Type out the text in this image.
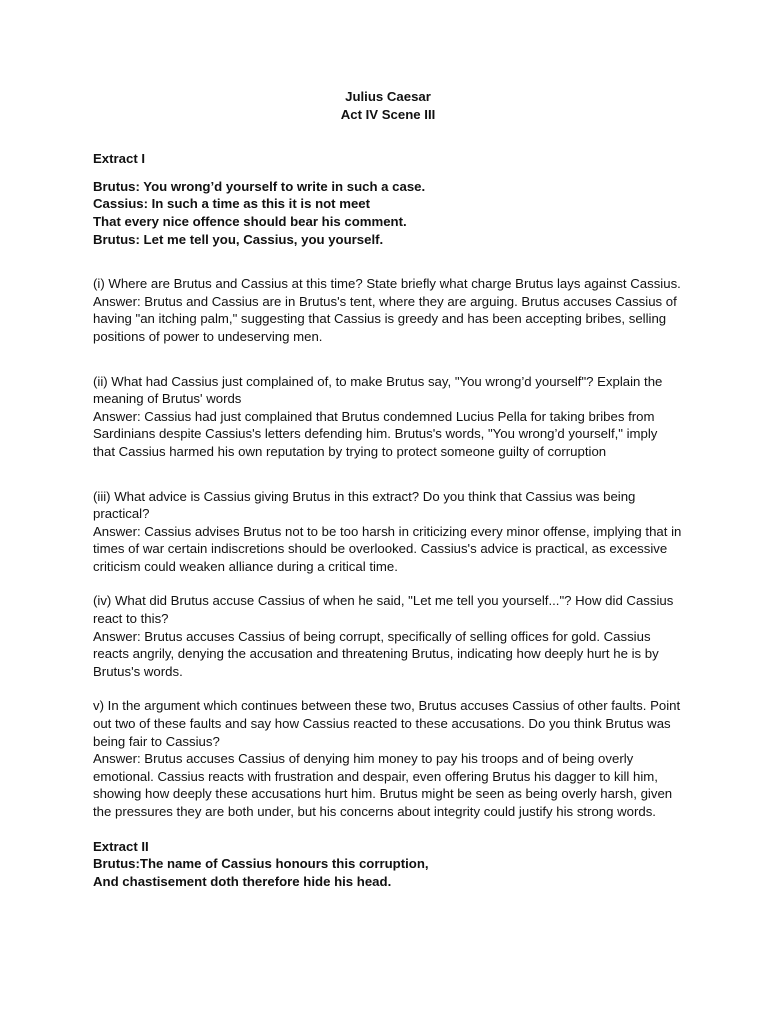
Julius Caesar
Act IV Scene III
Extract I
Brutus: You wrong’d yourself to write in such a case.
Cassius: In such a time as this it is not meet
That every nice offence should bear his comment.
Brutus: Let me tell you, Cassius, you yourself.

(i) Where are Brutus and Cassius at this time? State briefly what charge Brutus lays against Cassius.

Answer: Brutus and Cassius are in Brutus's tent, where they are arguing. Brutus accuses Cassius of having "an itching palm," suggesting that Cassius is greedy and has been accepting bribes, selling positions of power to undeserving men.

(ii) What had Cassius just complained of, to make Brutus say, "You wrong’d yourself"? Explain the meaning of Brutus' words

Answer: Cassius had just complained that Brutus condemned Lucius Pella for taking bribes from Sardinians despite Cassius's letters defending him. Brutus's words, "You wrong’d yourself," imply that Cassius harmed his own reputation by trying to protect someone guilty of corruption

(iii) What advice is Cassius giving Brutus in this extract? Do you think that Cassius was being practical?

Answer: Cassius advises Brutus not to be too harsh in criticizing every minor offense, implying that in times of war certain indiscretions should be overlooked. Cassius's advice is practical, as excessive criticism could weaken alliance during a critical time.

(iv) What did Brutus accuse Cassius of when he said, "Let me tell you yourself..."? How did Cassius react to this?

Answer: Brutus accuses Cassius of being corrupt, specifically of selling offices for gold. Cassius reacts angrily, denying the accusation and threatening Brutus, indicating how deeply hurt he is by Brutus's words.

v) In the argument which continues between these two, Brutus accuses Cassius of other faults. Point out two of these faults and say how Cassius reacted to these accusations. Do you think Brutus was being fair to Cassius?

Answer: Brutus accuses Cassius of denying him money to pay his troops and of being overly emotional. Cassius reacts with frustration and despair, even offering Brutus his dagger to kill him, showing how deeply these accusations hurt him. Brutus might be seen as being overly harsh, given the pressures they are both under, but his concerns about integrity could justify his strong words.

Extract II
Brutus:The name of Cassius honours this corruption,
And chastisement doth therefore hide his head.
